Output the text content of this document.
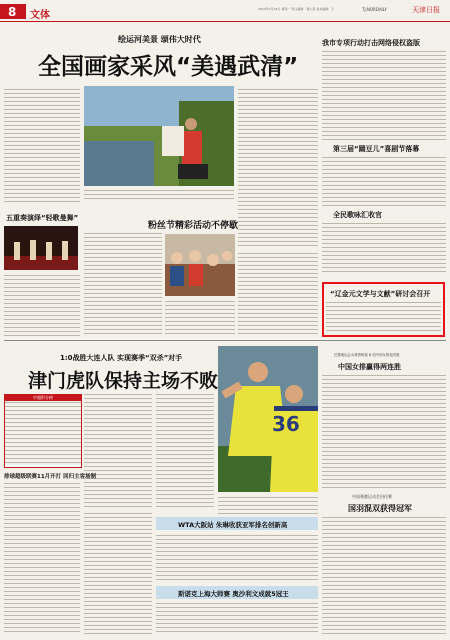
8 文体
2023年9月18日 星期一 责任编辑：聂小燕 美术编辑：王	TJ.NORDAILY	天津日报
绘运河美景 颂伟大时代
全国画家采风“美遇武清”
我市专项行动打击网络侵权盗版
第三届“踹豆儿”喜剧节落幕
全民歌咏汇收官
“辽金元文学与文献”研讨会召开
五重奏演绎“轻歌曼舞”
粉丝节精彩活动不停歇
1:0战胜大连人队 实现赛季“双杀”对手
津门虎队保持主场不败
中超积分榜
排球超级联赛11月开打 回归主客场制
36
巴黎奥运会女排资格赛 B 组中国女排迎首胜
中国女排赢得两连胜
中国香港运动会田径赛
国羽混双获得冠军
WTA大阪站 朱琳收获亚军排名创新高
斯诺克上海大师赛 奥沙利文成就5冠王
